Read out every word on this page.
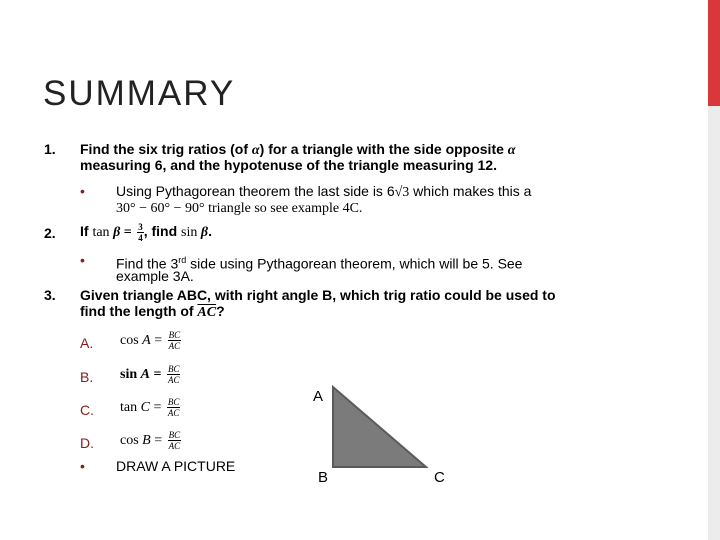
SUMMARY
1. Find the six trig ratios (of α) for a triangle with the side opposite α
measuring 6, and the hypotenuse of the triangle measuring 12.
• Using Pythagorean theorem the last side is 6√3 which makes this a
30° − 60° − 90° triangle so see example 4C.
2. If $\tan \beta = \frac{3}{4}$ , find sin β.
• Find the 3rd side using Pythagorean theorem, which will be 5. See
example 3A.
3. Given triangle ABC, with right angle B, which trig ratio could be used to
find the length of $\overline{AC}$?
A. $\cos A = \frac{BC}{AC}$
B. $\sin A = \frac{BC}{AC}$
C. $\tan C = \frac{BC}{AC}$
D. $\cos B = \frac{BC}{AC}$
• DRAW A PICTURE
A
B	C
